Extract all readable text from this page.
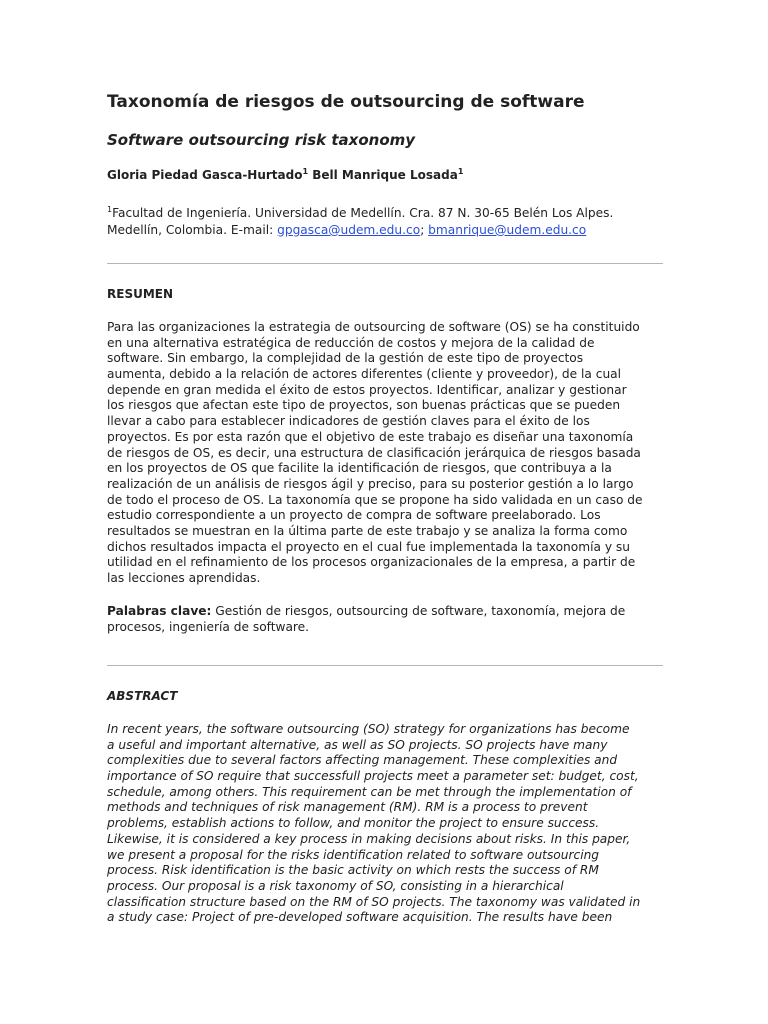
Taxonomía de riesgos de outsourcing de software
Software outsourcing risk taxonomy
Gloria Piedad Gasca-Hurtado$^1$ Bell Manrique Losada$^1$
$^1$Facultad de Ingeniería. Universidad de Medellín. Cra. 87 N. 30-65 Belén Los Alpes.
Medellín, Colombia. E-mail: gpgasca@udem.edu.co; bmanrique@udem.edu.co
RESUMEN
Para las organizaciones la estrategia de outsourcing de software (OS) se ha constituido
en una alternativa estratégica de reducción de costos y mejora de la calidad de
software. Sin embargo, la complejidad de la gestión de este tipo de proyectos
aumenta, debido a la relación de actores diferentes (cliente y proveedor), de la cual
depende en gran medida el éxito de estos proyectos. Identificar, analizar y gestionar
los riesgos que afectan este tipo de proyectos, son buenas prácticas que se pueden
llevar a cabo para establecer indicadores de gestión claves para el éxito de los
proyectos. Es por esta razón que el objetivo de este trabajo es diseñar una taxonomía
de riesgos de OS, es decir, una estructura de clasificación jerárquica de riesgos basada
en los proyectos de OS que facilite la identificación de riesgos, que contribuya a la
realización de un análisis de riesgos ágil y preciso, para su posterior gestión a lo largo
de todo el proceso de OS. La taxonomía que se propone ha sido validada en un caso de
estudio correspondiente a un proyecto de compra de software preelaborado. Los
resultados se muestran en la última parte de este trabajo y se analiza la forma como
dichos resultados impacta el proyecto en el cual fue implementada la taxonomía y su
utilidad en el refinamiento de los procesos organizacionales de la empresa, a partir de
las lecciones aprendidas.
Palabras clave: Gestión de riesgos, outsourcing de software, taxonomía, mejora de
procesos, ingeniería de software.
ABSTRACT
In recent years, the software outsourcing (SO) strategy for organizations has become
a useful and important alternative, as well as SO projects. SO projects have many
complexities due to several factors affecting management. These complexities and
importance of SO require that successfull projects meet a parameter set: budget, cost,
schedule, among others. This requirement can be met through the implementation of
methods and techniques of risk management (RM). RM is a process to prevent
problems, establish actions to follow, and monitor the project to ensure success.
Likewise, it is considered a key process in making decisions about risks. In this paper,
we present a proposal for the risks identification related to software outsourcing
process. Risk identification is the basic activity on which rests the success of RM
process. Our proposal is a risk taxonomy of SO, consisting in a hierarchical
classification structure based on the RM of SO projects. The taxonomy was validated in
a study case: Project of pre-developed software acquisition. The results have been
